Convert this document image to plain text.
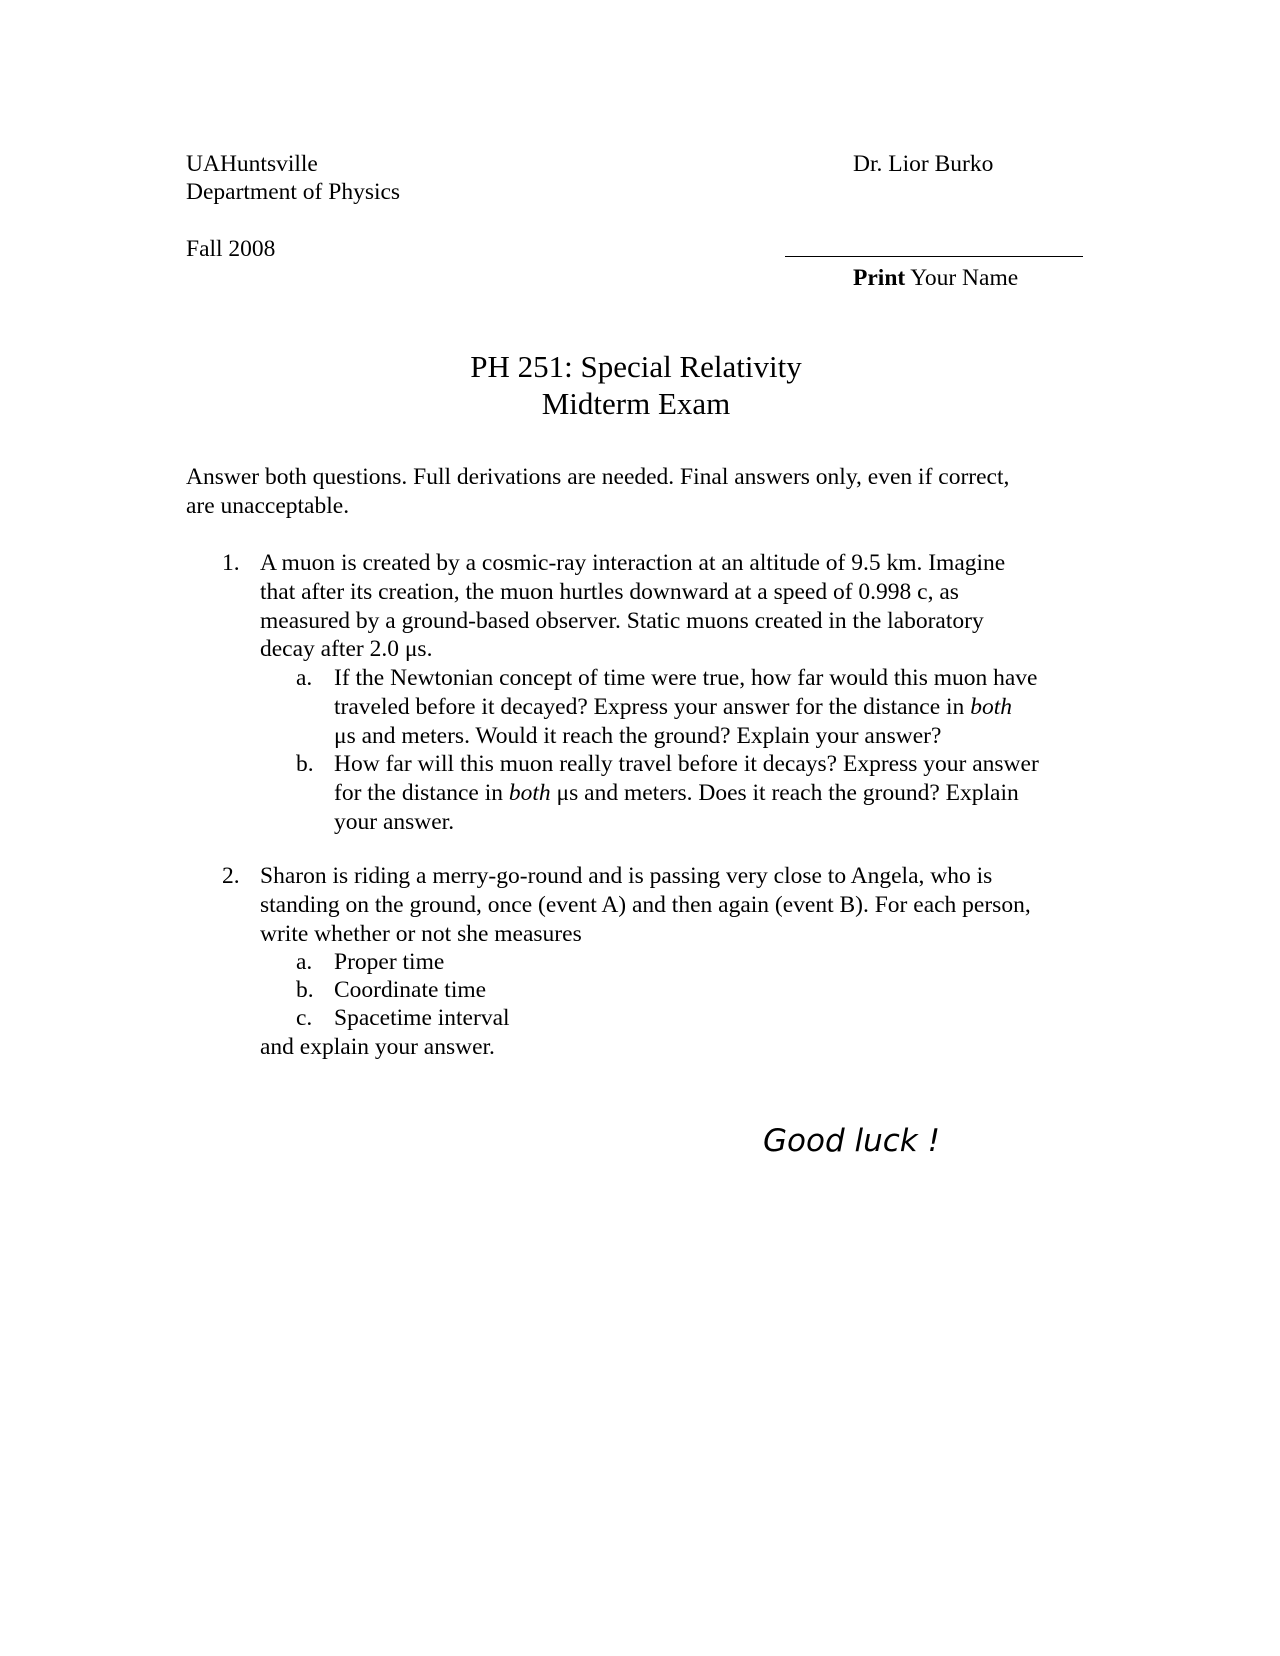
UAHuntsville
Department of Physics
Dr. Lior Burko
Fall 2008
Print Your Name
PH 251: Special Relativity
Midterm Exam
Answer both questions. Full derivations are needed. Final answers only, even if correct,
are unacceptable.
1. A muon is created by a cosmic-ray interaction at an altitude of 9.5 km. Imagine
that after its creation, the muon hurtles downward at a speed of 0.998 c, as
measured by a ground-based observer. Static muons created in the laboratory
decay after 2.0 μs.
a. If the Newtonian concept of time were true, how far would this muon have
traveled before it decayed? Express your answer for the distance in both
μs and meters. Would it reach the ground? Explain your answer?
b. How far will this muon really travel before it decays? Express your answer
for the distance in both μs and meters. Does it reach the ground? Explain
your answer.
2. Sharon is riding a merry-go-round and is passing very close to Angela, who is
standing on the ground, once (event A) and then again (event B). For each person,
write whether or not she measures
a. Proper time
b. Coordinate time
c. Spacetime interval
and explain your answer.
Good luck !
